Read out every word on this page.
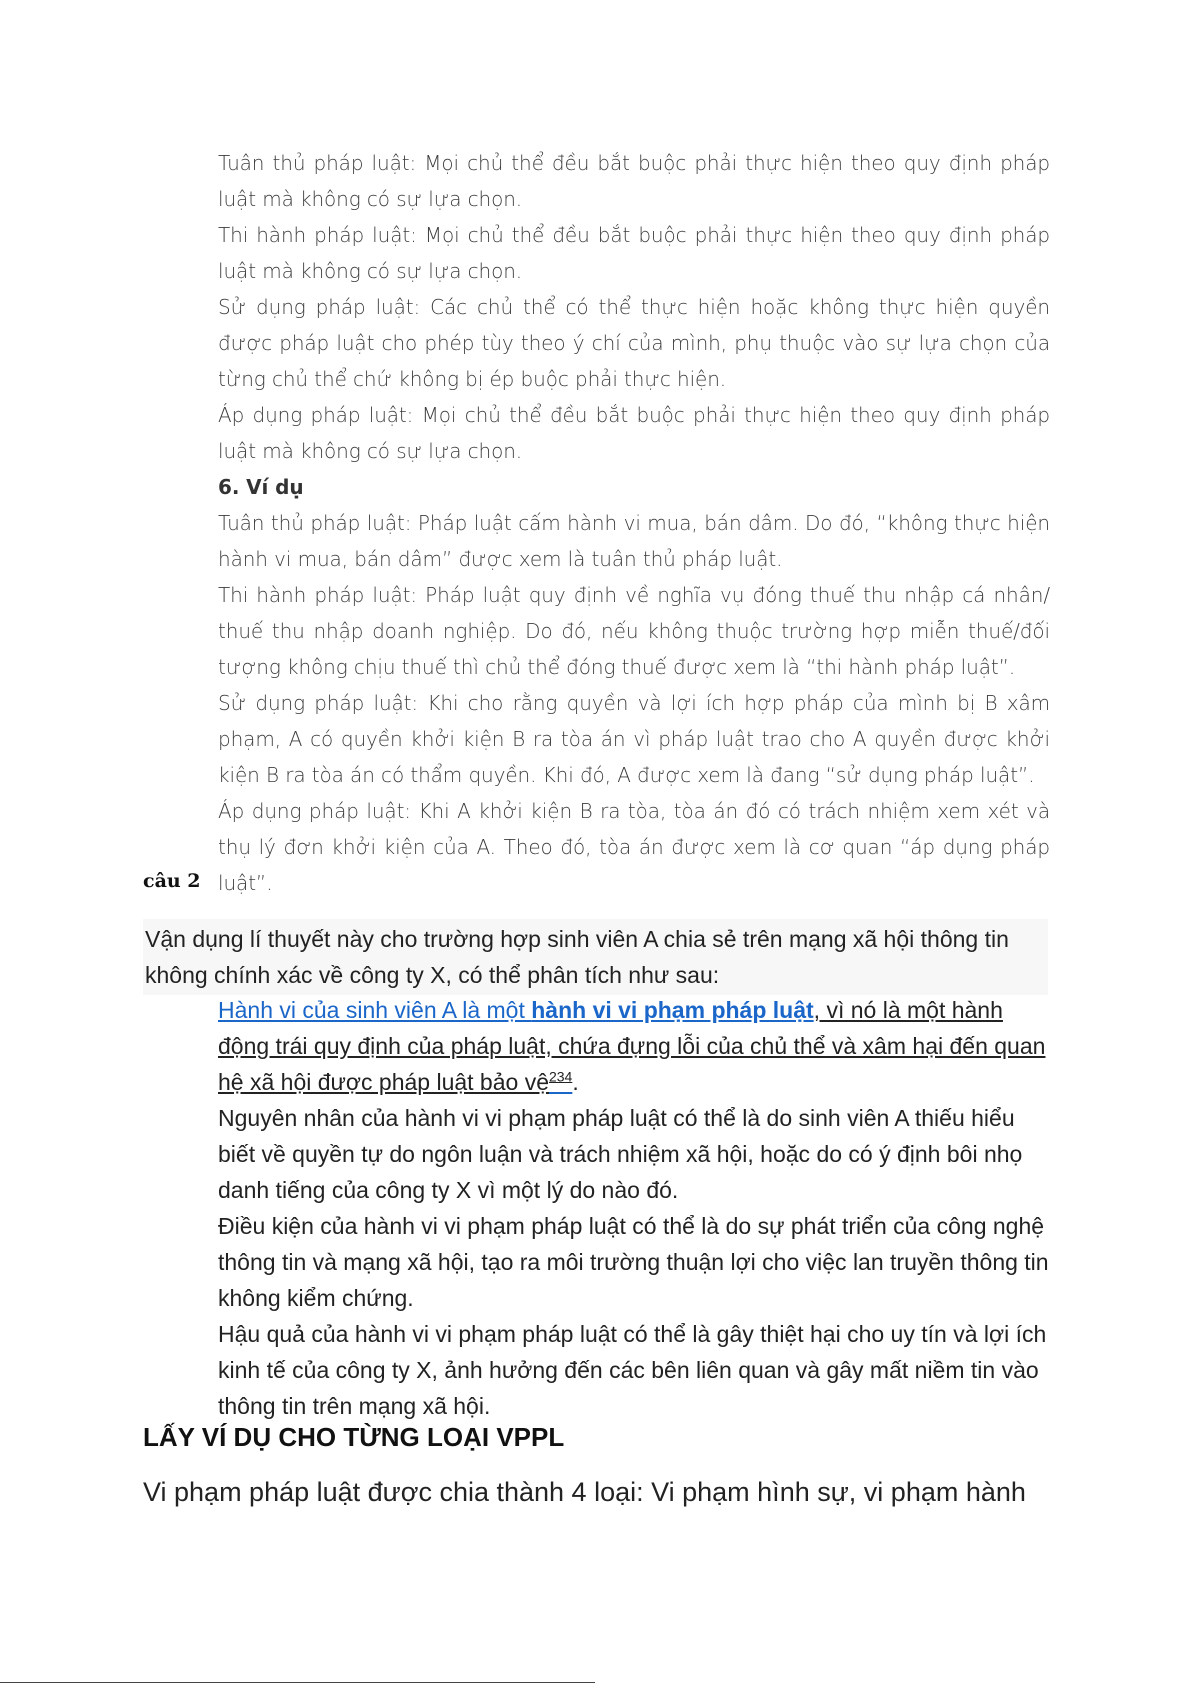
Tuân thủ pháp luật: Mọi chủ thể đều bắt buộc phải thực hiện theo quy định pháp luật mà không có sự lựa chọn.
Thi hành pháp luật: Mọi chủ thể đều bắt buộc phải thực hiện theo quy định pháp luật mà không có sự lựa chọn.
Sử dụng pháp luật: Các chủ thể có thể thực hiện hoặc không thực hiện quyền được pháp luật cho phép tùy theo ý chí của mình, phụ thuộc vào sự lựa chọn của từng chủ thể chứ không bị ép buộc phải thực hiện.
Áp dụng pháp luật: Mọi chủ thể đều bắt buộc phải thực hiện theo quy định pháp luật mà không có sự lựa chọn.
6. Ví dụ
Tuân thủ pháp luật: Pháp luật cấm hành vi mua, bán dâm. Do đó, “không thực hiện hành vi mua, bán dâm” được xem là tuân thủ pháp luật.
Thi hành pháp luật: Pháp luật quy định về nghĩa vụ đóng thuế thu nhập cá nhân/ thuế thu nhập doanh nghiệp. Do đó, nếu không thuộc trường hợp miễn thuế/đối tượng không chịu thuế thì chủ thể đóng thuế được xem là “thi hành pháp luật”.
Sử dụng pháp luật: Khi cho rằng quyền và lợi ích hợp pháp của mình bị B xâm phạm, A có quyền khởi kiện B ra tòa án vì pháp luật trao cho A quyền được khởi kiện B ra tòa án có thẩm quyền. Khi đó, A được xem là đang “sử dụng pháp luật”.
Áp dụng pháp luật: Khi A khởi kiện B ra tòa, tòa án đó có trách nhiệm xem xét và thụ lý đơn khởi kiện của A. Theo đó, tòa án được xem là cơ quan “áp dụng pháp luật”.
câu 2
Vận dụng lí thuyết này cho trường hợp sinh viên A chia sẻ trên mạng xã hội thông tin không chính xác về công ty X, có thể phân tích như sau:
Hành vi của sinh viên A là một hành vi vi phạm pháp luật, vì nó là một hành động trái quy định của pháp luật, chứa đựng lỗi của chủ thể và xâm hại đến quan hệ xã hội được pháp luật bảo vệ$^{234}$.
Nguyên nhân của hành vi vi phạm pháp luật có thể là do sinh viên A thiếu hiểu biết về quyền tự do ngôn luận và trách nhiệm xã hội, hoặc do có ý định bôi nhọ danh tiếng của công ty X vì một lý do nào đó.
Điều kiện của hành vi vi phạm pháp luật có thể là do sự phát triển của công nghệ thông tin và mạng xã hội, tạo ra môi trường thuận lợi cho việc lan truyền thông tin không kiểm chứng.
Hậu quả của hành vi vi phạm pháp luật có thể là gây thiệt hại cho uy tín và lợi ích kinh tế của công ty X, ảnh hưởng đến các bên liên quan và gây mất niềm tin vào thông tin trên mạng xã hội.
LẤY VÍ DỤ CHO TỪNG LOẠI VPPL
Vi phạm pháp luật được chia thành 4 loại: Vi phạm hình sự, vi phạm hành
